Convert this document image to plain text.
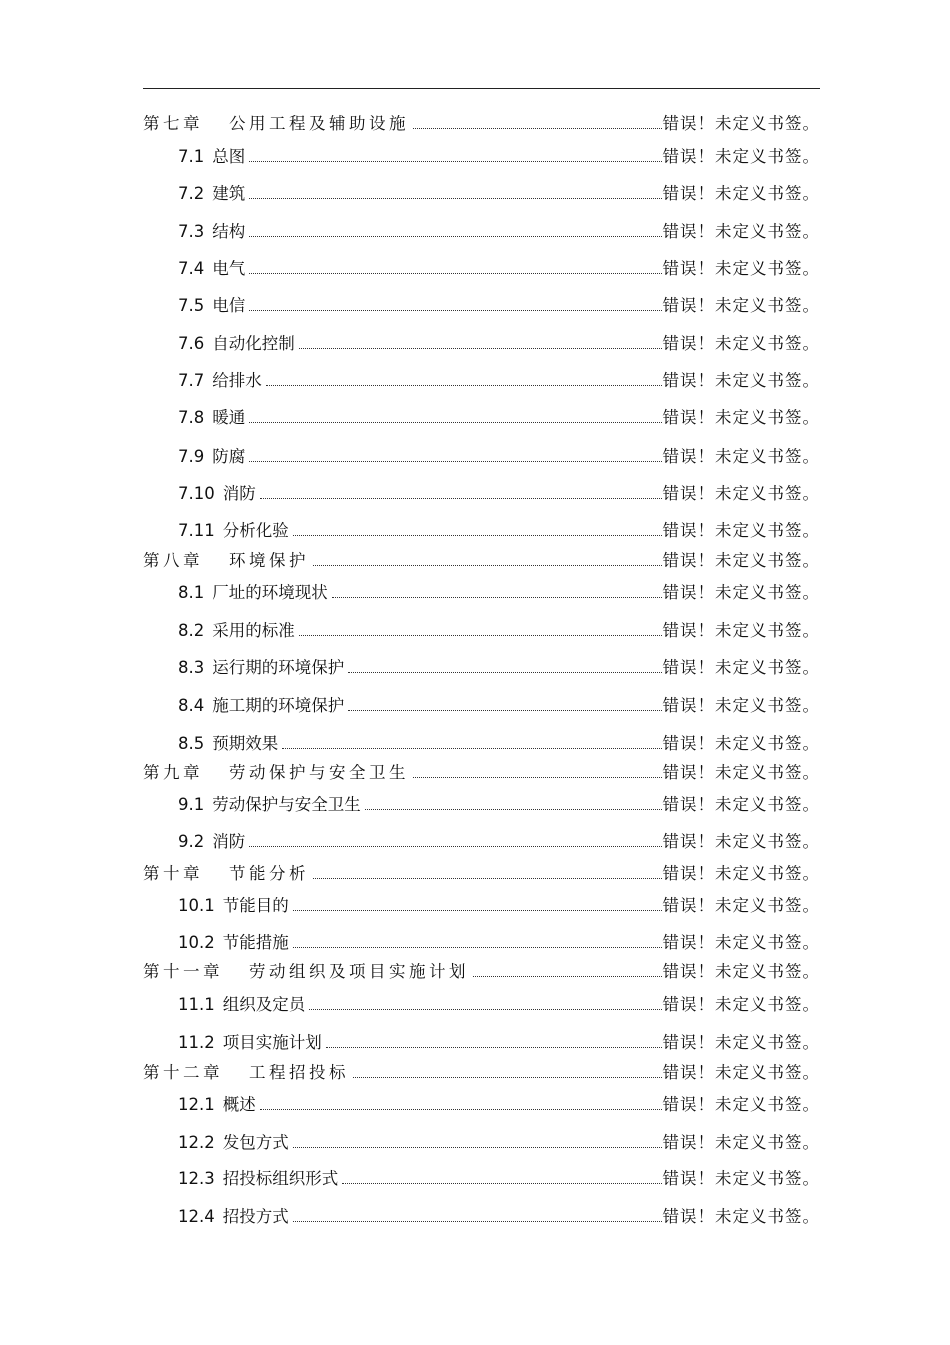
第七章 公用工程及辅助设施	错误！未定义书签。
7.1 总图	错误！未定义书签。
7.2 建筑	错误！未定义书签。
7.3 结构	错误！未定义书签。
7.4 电气	错误！未定义书签。
7.5 电信	错误！未定义书签。
7.6 自动化控制	错误！未定义书签。
7.7 给排水	错误！未定义书签。
7.8 暖通	错误！未定义书签。
7.9 防腐	错误！未定义书签。
7.10 消防	错误！未定义书签。
7.11 分析化验	错误！未定义书签。
第八章 环境保护	错误！未定义书签。
8.1 厂址的环境现状	错误！未定义书签。
8.2 采用的标准	错误！未定义书签。
8.3 运行期的环境保护	错误！未定义书签。
8.4 施工期的环境保护	错误！未定义书签。
8.5 预期效果	错误！未定义书签。
第九章 劳动保护与安全卫生	错误！未定义书签。
9.1 劳动保护与安全卫生	错误！未定义书签。
9.2 消防	错误！未定义书签。
第十章 节能分析	错误！未定义书签。
10.1 节能目的	错误！未定义书签。
10.2 节能措施	错误！未定义书签。
第十一章 劳动组织及项目实施计划	错误！未定义书签。
11.1 组织及定员	错误！未定义书签。
11.2 项目实施计划	错误！未定义书签。
第十二章 工程招投标	错误！未定义书签。
12.1 概述	错误！未定义书签。
12.2 发包方式	错误！未定义书签。
12.3 招投标组织形式	错误！未定义书签。
12.4 招投方式	错误！未定义书签。
